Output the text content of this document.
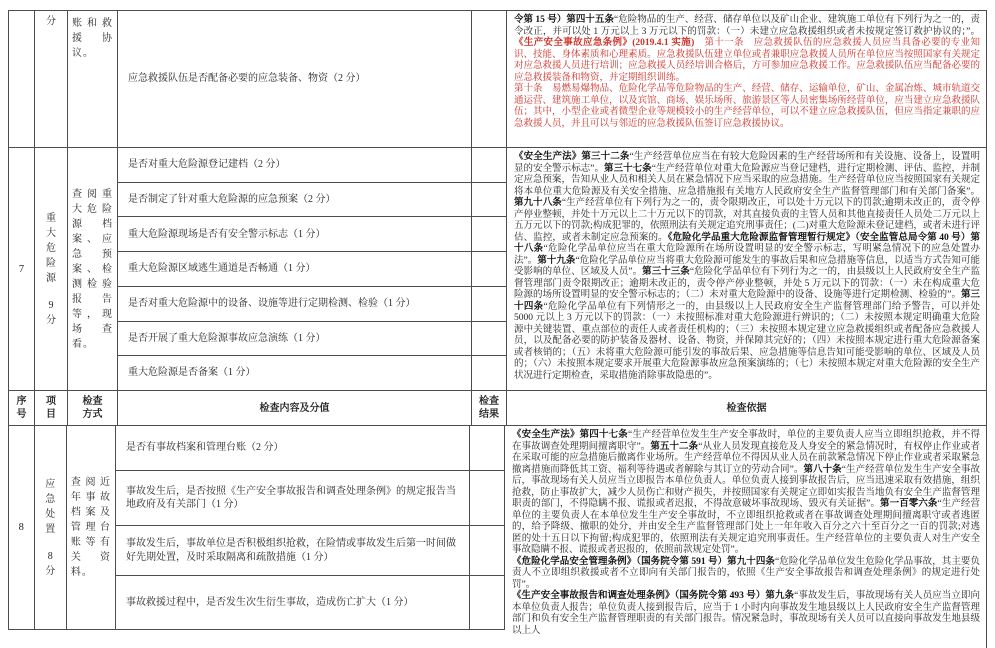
分	账和救援协议。
应急救援队伍是否配备必要的应急装备、物资（2 分）
令第 15 号）第四十五条“危险物品的生产、经营、储存单位以及矿山企业、建筑施工单位有下列行为之一的，责令改正，并可以处 1 万元以上 3 万元以下的罚款：（一）未建立应急救援组织或者未按规定签订救护协议的；”。《生产安全事故应急条例》(2019.4.1 实施)　第十一条　应急救援队伍的应急救援人员应当具备必要的专业知识、技能、身体素质和心理素质。应急救援队伍建立单位或者兼职应急救援人员所在单位应当按照国家有关规定对应急救援人员进行培训；应急救援人员经培训合格后，方可参加应急救援工作。应急救援队伍应当配备必要的应急救援装备和物资，并定期组织训练。
第十条　易燃易爆物品、危险化学品等危险物品的生产、经营、储存、运输单位，矿山、金属冶炼、城市轨道交通运营、建筑施工单位，以及宾馆、商场、娱乐场所、旅游景区等人员密集场所经营单位，应当建立应急救援队伍；其中，小型企业或者微型企业等规模较小的生产经营单位，可以不建立应急救援队伍，但应当指定兼职的应急救援人员，并且可以与邻近的应急救援队伍签订应急救援协议。
7
重大危险源
9分
查阅重大危险源档案、应急预案、检测检验报告等，现场查看。
是否对重大危险源登记建档（2 分）
是否制定了针对重大危险源的应急预案（2 分）
重大危险源现场是否有安全警示标志（1 分）
重大危险源区域逃生通道是否畅通（1 分）
是否对重大危险源中的设备、设施等进行定期检测、检验（1 分）
是否开展了重大危险源事故应急演练（1 分）
重大危险源是否备案（1 分）
《安全生产法》第三十二条“生产经营单位应当在有较大危险因素的生产经营场所和有关设施、设备上，设置明显的安全警示标志”。第三十七条“生产经营单位对重大危险源应当登记建档，进行定期检测、评估、监控，并制定应急预案，告知从业人员和相关人员在紧急情况下应当采取的应急措施。生产经营单位应当按照国家有关规定将本单位重大危险源及有关安全措施、应急措施报有关地方人民政府安全生产监督管理部门和有关部门备案”。第九十八条“生产经营单位有下列行为之一的，责令限期改正，可以处十万元以下的罚款;逾期未改正的，责令停产停业整顿，并处十万元以上二十万元以下的罚款，对其直接负责的主管人员和其他直接责任人员处二万元以上五万元以下的罚款;构成犯罪的，依照刑法有关规定追究刑事责任；(二)对重大危险源未登记建档，或者未进行评估、监控，或者未制定应急预案的。《危险化学品重大危险源监督管理暂行规定》（安全监管总局令第 40 号）第十八条“危险化学品单位应当在重大危险源所在场所设置明显的安全警示标志，写明紧急情况下的应急处置办法”。第十九条“危险化学品单位应当将重大危险源可能发生的事故后果和应急措施等信息，以适当方式告知可能受影响的单位、区域及人员”。第三十三条“危险化学品单位有下列行为之一的，由县级以上人民政府安全生产监督管理部门责令限期改正；逾期未改正的，责令停产停业整顿，并处 5 万元以下的罚款：（一）未在构成重大危险源的场所设置明显的安全警示标志的；（二）未对重大危险源中的设备、设施等进行定期检测、检验的”。第三十四条“危险化学品单位有下列情形之一的，由县级以上人民政府安全生产监督管理部门给予警告，可以并处 5000 元以上 3 万元以下的罚款：（一）未按照标准对重大危险源进行辨识的；（二）未按照本规定明确重大危险源中关键装置、重点部位的责任人或者责任机构的；（三）未按照本规定建立应急救援组织或者配备应急救援人员，以及配备必要的防护装备及器材、设备、物资，并保障其完好的；（四）未按照本规定进行重大危险源备案或者核销的；（五）未将重大危险源可能引发的事故后果、应急措施等信息告知可能受影响的单位、区域及人员的；（六）未按照本规定要求开展重大危险源事故应急预案演练的；（七）未按照本规定对重大危险源的安全生产状况进行定期检查，采取措施消除事故隐患的”。
序号
项目
检查方式
检查内容及分值
检查结果
检查依据
8
应急处置
8分
查阅近年事故档案及管理台账等有关资料。
是否有事故档案和管理台账（2 分）
事故发生后，是否按照《生产安全事故报告和调查处理条例》的规定报告当地政府及有关部门（1 分）
事故发生后，事故单位是否积极组织抢救，在险情或事故发生后第一时间做好先期处置，及时采取隔离和疏散措施（1 分）
事故救援过程中，是否发生次生衍生事故，造成伤亡扩大（1 分）
《安全生产法》第四十七条“生产经营单位发生生产安全事故时，单位的主要负责人应当立即组织抢救，并不得在事故调查处理期间擅离职守”。第五十二条“从业人员发现直接危及人身安全的紧急情况时，有权停止作业或者在采取可能的应急措施后撤离作业场所。生产经营单位不得因从业人员在前款紧急情况下停止作业或者采取紧急撤离措施而降低其工资、福利等待遇或者解除与其订立的劳动合同”。第八十条“生产经营单位发生生产安全事故后，事故现场有关人员应当立即报告本单位负责人。单位负责人接到事故报告后，应当迅速采取有效措施，组织抢救，防止事故扩大，减少人员伤亡和财产损失，并按照国家有关规定立即如实报告当地负有安全生产监督管理职责的部门，不得隐瞒不报、谎报或者迟报，不得故意破坏事故现场、毁灭有关证据”。第一百零六条“生产经营单位的主要负责人在本单位发生生产安全事故时，不立即组织抢救或者在事故调查处理期间擅离职守或者逃匿的，给予降级、撤职的处分，并由安全生产监督管理部门处上一年年收入百分之六十至百分之一百的罚款;对逃匿的处十五日以下拘留;构成犯罪的，依照刑法有关规定追究刑事责任。生产经营单位的主要负责人对生产安全事故隐瞒不报、谎报或者迟报的，依照前款规定处罚”。
《危险化学品安全管理条例》（国务院令第 591 号）第九十四条“危险化学品单位发生危险化学品事故，其主要负责人不立即组织救援或者不立即向有关部门报告的，依照《生产安全事故报告和调查处理条例》的规定进行处罚”。
《生产安全事故报告和调查处理条例》（国务院令第 493 号）第九条“事故发生后，事故现场有关人员应当立即向本单位负责人报告；单位负责人接到报告后，应当于 1 小时内向事故发生地县级以上人民政府安全生产监督管理部门和负有安全生产监督管理职责的有关部门报告。情况紧急时，事故现场有关人员可以直接向事故发生地县级以上人
